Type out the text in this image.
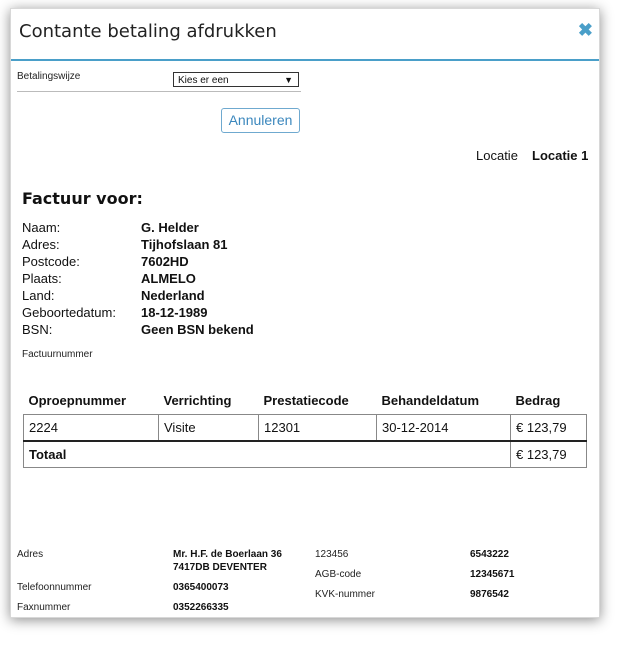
Contante betaling afdrukken	✖
Betalingswijze	Kies er een	▼
Annuleren
Locatie Locatie 1
Factuur voor:
Naam:	G. Helder
Adres:	Tijhofslaan 81
Postcode:	7602HD
Plaats:	ALMELO
Land:	Nederland
Geboortedatum: 18-12-1989
BSN:	Geen BSN bekend
Factuurnummer
Oproepnummer	Verrichting	Prestatiecode	Behandeldatum	Bedrag
2224	Visite	12301	30-12-2014	€ 123,79
Totaal				€ 123,79
Adres	Mr. H.F. de Boerlaan 36
7417DB DEVENTER
Telefoonnummer	0365400073
Faxnummer	0352266335
123456	6543222
AGB-code	12345671
KVK-nummer	9876542
